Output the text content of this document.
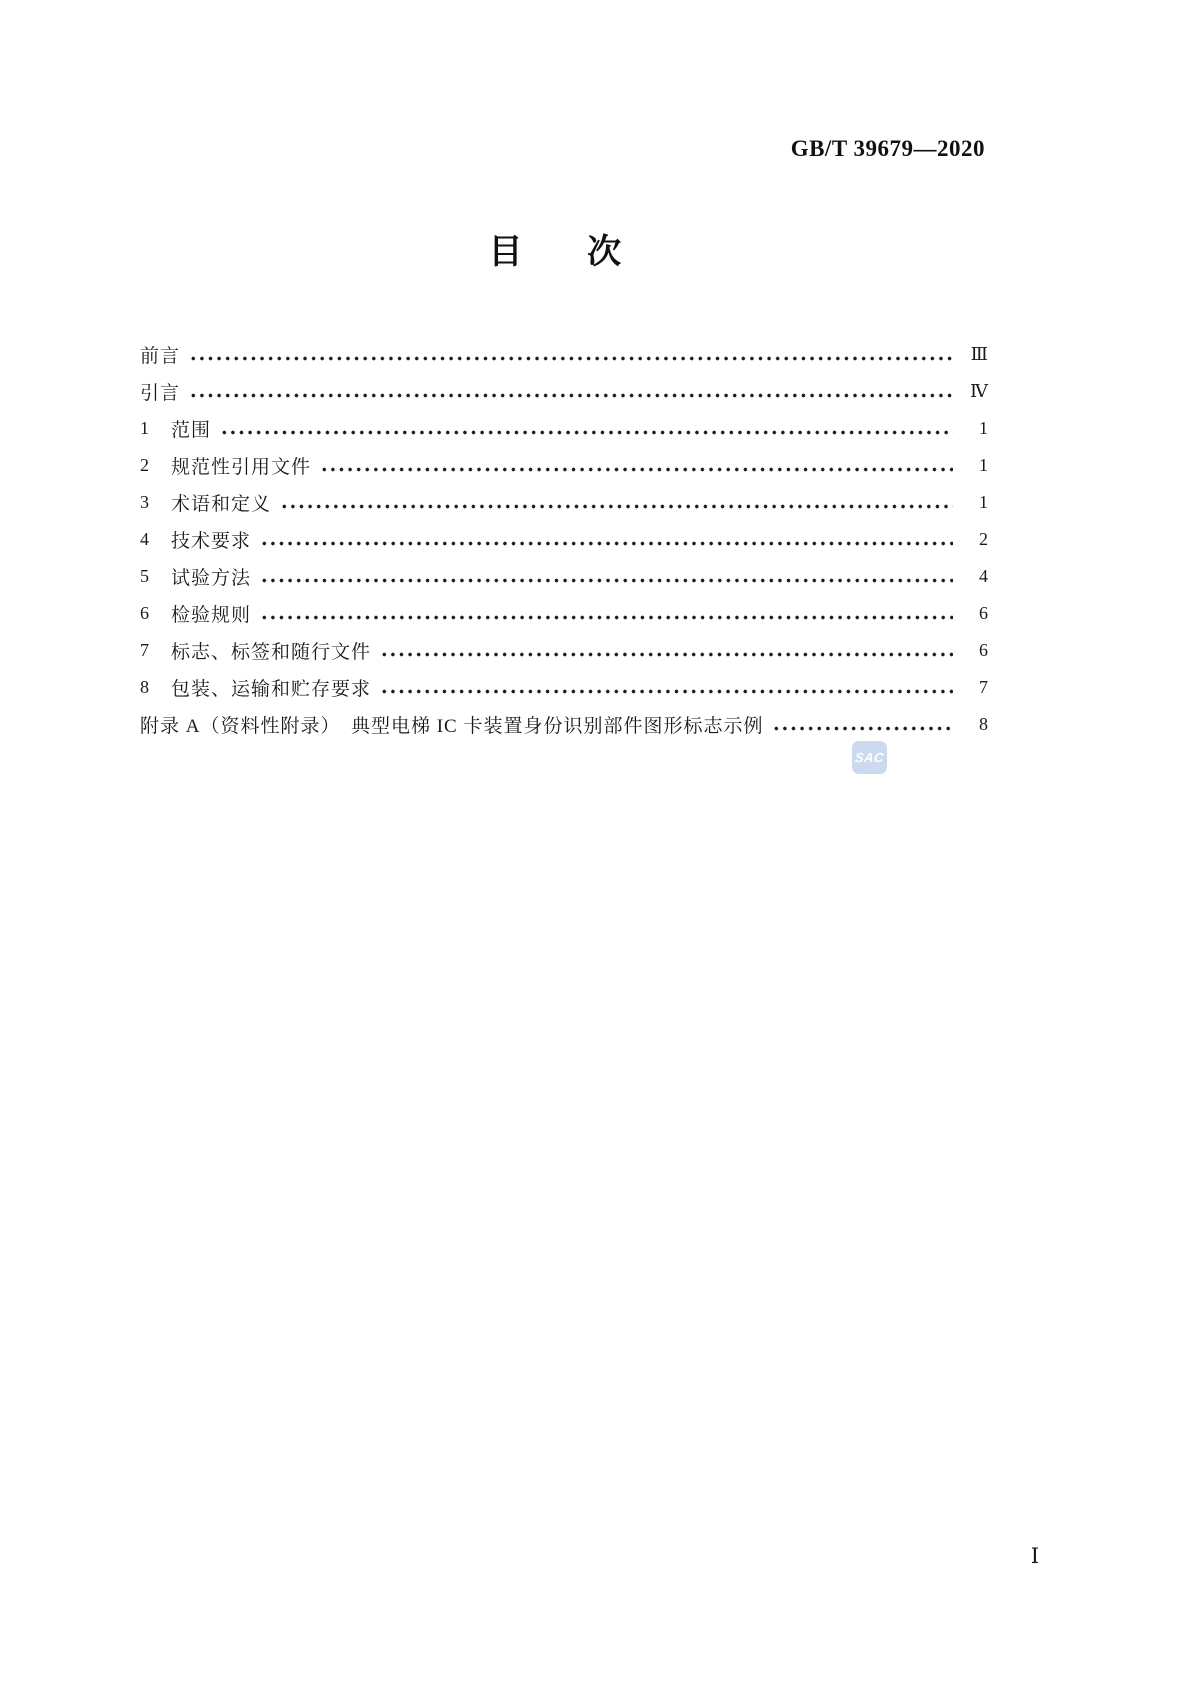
GB/T 39679—2020
目　次
前言	Ⅲ
引言	Ⅳ
1	范围	1
2	规范性引用文件	1
3	术语和定义	1
4	技术要求	2
5	试验方法	4
6	检验规则	6
7	标志、标签和随行文件	6
8	包装、运输和贮存要求	7
附录 A（资料性附录）　典型电梯 IC 卡装置身份识别部件图形标志示例	8
SAC
Ⅰ
